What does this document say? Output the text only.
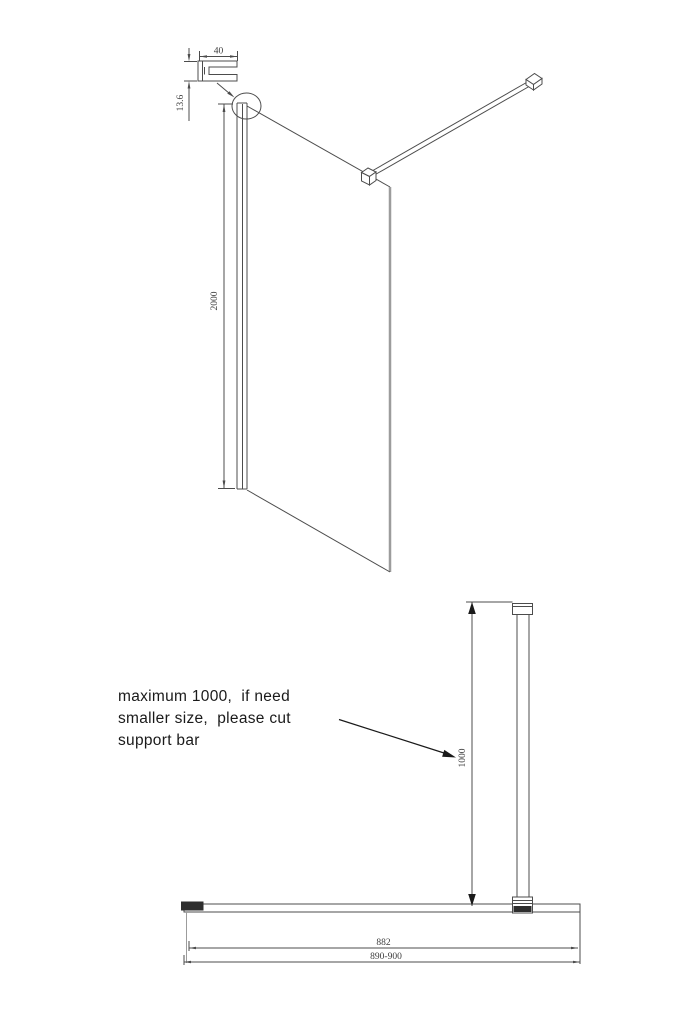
40
13.6
2000
1000
882
890-900
maximum 1000,  if need
smaller size,  please cut
support bar
